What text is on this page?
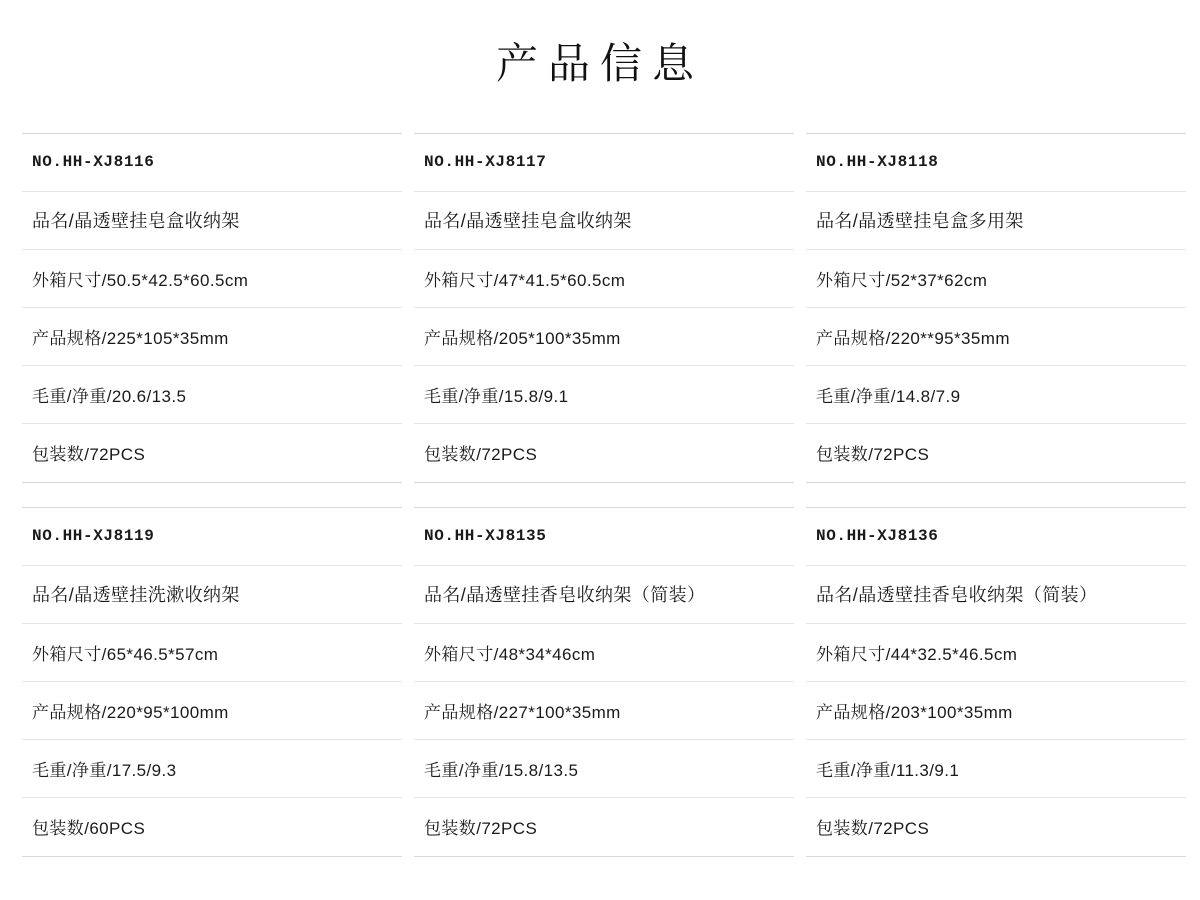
产品信息
NO.HH-XJ8116
品名/晶透壁挂皂盒收纳架
外箱尺寸/50.5*42.5*60.5cm
产品规格/225*105*35mm
毛重/净重/20.6/13.5
包装数/72PCS
NO.HH-XJ8117
品名/晶透壁挂皂盒收纳架
外箱尺寸/47*41.5*60.5cm
产品规格/205*100*35mm
毛重/净重/15.8/9.1
包装数/72PCS
NO.HH-XJ8118
品名/晶透壁挂皂盒多用架
外箱尺寸/52*37*62cm
产品规格/220**95*35mm
毛重/净重/14.8/7.9
包装数/72PCS
NO.HH-XJ8119
品名/晶透壁挂洗漱收纳架
外箱尺寸/65*46.5*57cm
产品规格/220*95*100mm
毛重/净重/17.5/9.3
包装数/60PCS
NO.HH-XJ8135
品名/晶透壁挂香皂收纳架（简装）
外箱尺寸/48*34*46cm
产品规格/227*100*35mm
毛重/净重/15.8/13.5
包装数/72PCS
NO.HH-XJ8136
品名/晶透壁挂香皂收纳架（简装）
外箱尺寸/44*32.5*46.5cm
产品规格/203*100*35mm
毛重/净重/11.3/9.1
包装数/72PCS
